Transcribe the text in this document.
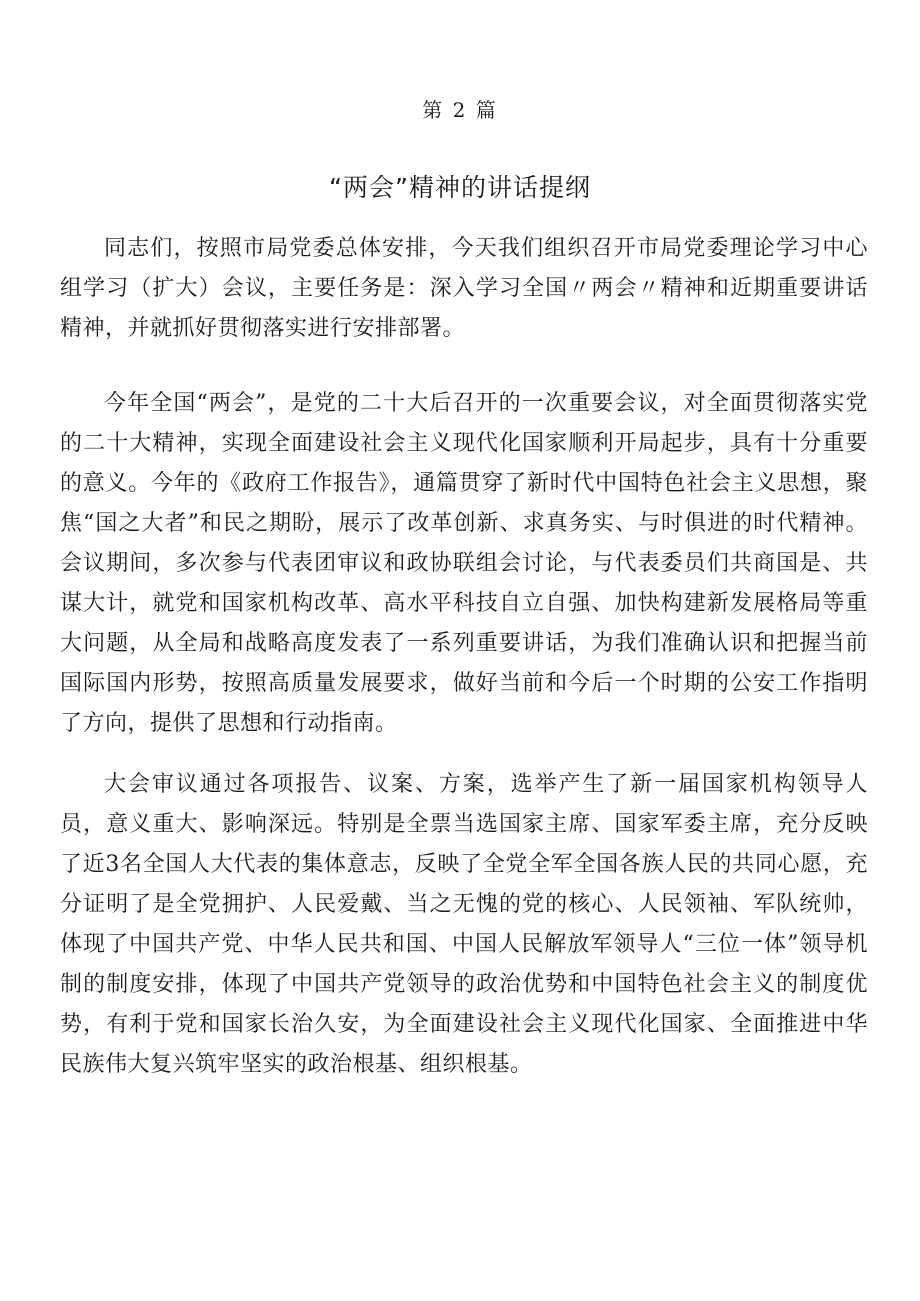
第 2 篇
“两会”精神的讲话提纲

同志们，按照市局党委总体安排，今天我们组织召开市局党委理论学习中心组学习（扩大）会议，主要任务是：深入学习全国〃两会〃精神和近期重要讲话精神，并就抓好贯彻落实进行安排部署。

今年全国“两会”，是党的二十大后召开的一次重要会议，对全面贯彻落实党的二十大精神，实现全面建设社会主义现代化国家顺利开局起步，具有十分重要的意义。今年的《政府工作报告》，通篇贯穿了新时代中国特色社会主义思想，聚焦“国之大者”和民之期盼，展示了改革创新、求真务实、与时俱进的时代精神。会议期间，多次参与代表团审议和政协联组会讨论，与代表委员们共商国是、共谋大计，就党和国家机构改革、高水平科技自立自强、加快构建新发展格局等重大问题，从全局和战略高度发表了一系列重要讲话，为我们准确认识和把握当前国际国内形势，按照高质量发展要求，做好当前和今后一个时期的公安工作指明了方向，提供了思想和行动指南。

大会审议通过各项报告、议案、方案，选举产生了新一届国家机构领导人员，意义重大、影响深远。特别是全票当选国家主席、国家军委主席，充分反映了近3名全国人大代表的集体意志，反映了全党全军全国各族人民的共同心愿，充分证明了是全党拥护、人民爱戴、当之无愧的党的核心、人民领袖、军队统帅，体现了中国共产党、中华人民共和国、中国人民解放军领导人“三位一体”领导机制的制度安排，体现了中国共产党领导的政治优势和中国特色社会主义的制度优势，有利于党和国家长治久安，为全面建设社会主义现代化国家、全面推进中华民族伟大复兴筑牢坚实的政治根基、组织根基。
